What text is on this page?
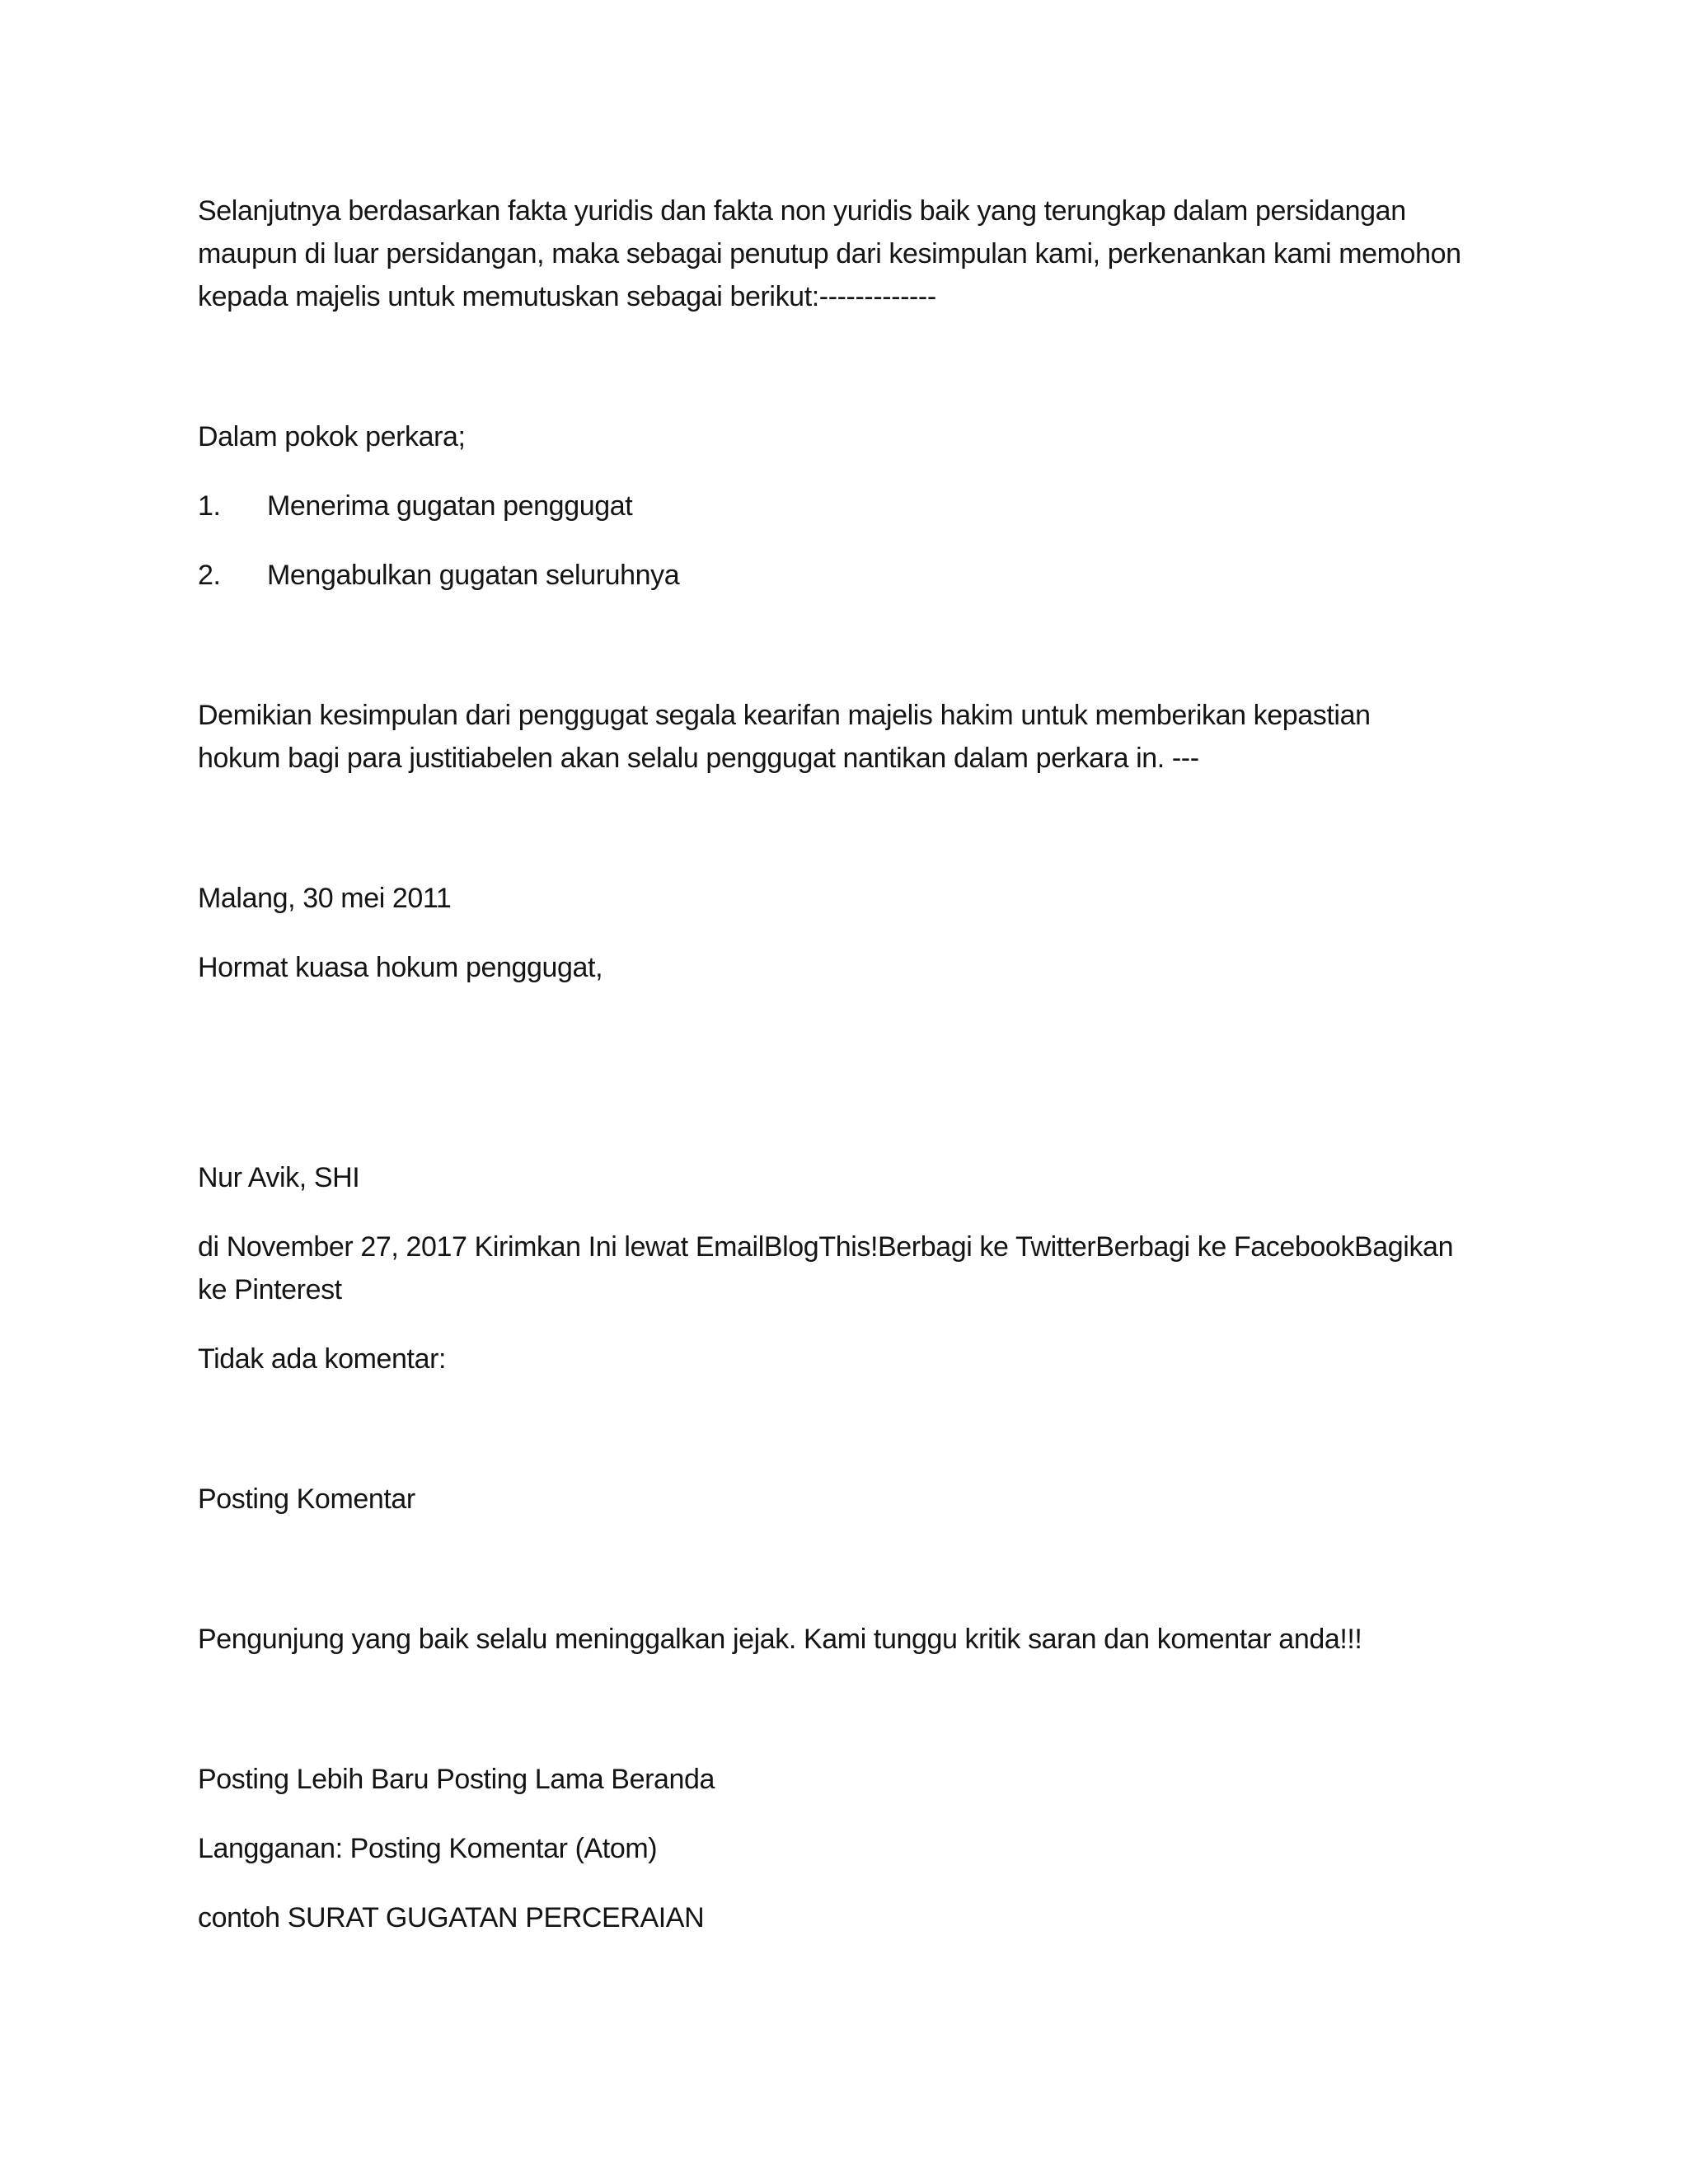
Selanjutnya berdasarkan fakta yuridis dan fakta non yuridis baik yang terungkap dalam persidangan
maupun di luar persidangan, maka sebagai penutup dari kesimpulan kami, perkenankan kami memohon
kepada majelis untuk memutuskan sebagai berikut:-------------
Dalam pokok perkara;
1. Menerima gugatan penggugat
2. Mengabulkan gugatan seluruhnya
Demikian kesimpulan dari penggugat segala kearifan majelis hakim untuk memberikan kepastian
hokum bagi para justitiabelen akan selalu penggugat nantikan dalam perkara in. ---
Malang, 30 mei 2011
Hormat kuasa hokum penggugat,
Nur Avik, SHI
di November 27, 2017 Kirimkan Ini lewat EmailBlogThis!Berbagi ke TwitterBerbagi ke FacebookBagikan
ke Pinterest
Tidak ada komentar:
Posting Komentar
Pengunjung yang baik selalu meninggalkan jejak. Kami tunggu kritik saran dan komentar anda!!!
Posting Lebih Baru Posting Lama Beranda
Langganan: Posting Komentar (Atom)
contoh SURAT GUGATAN PERCERAIAN
